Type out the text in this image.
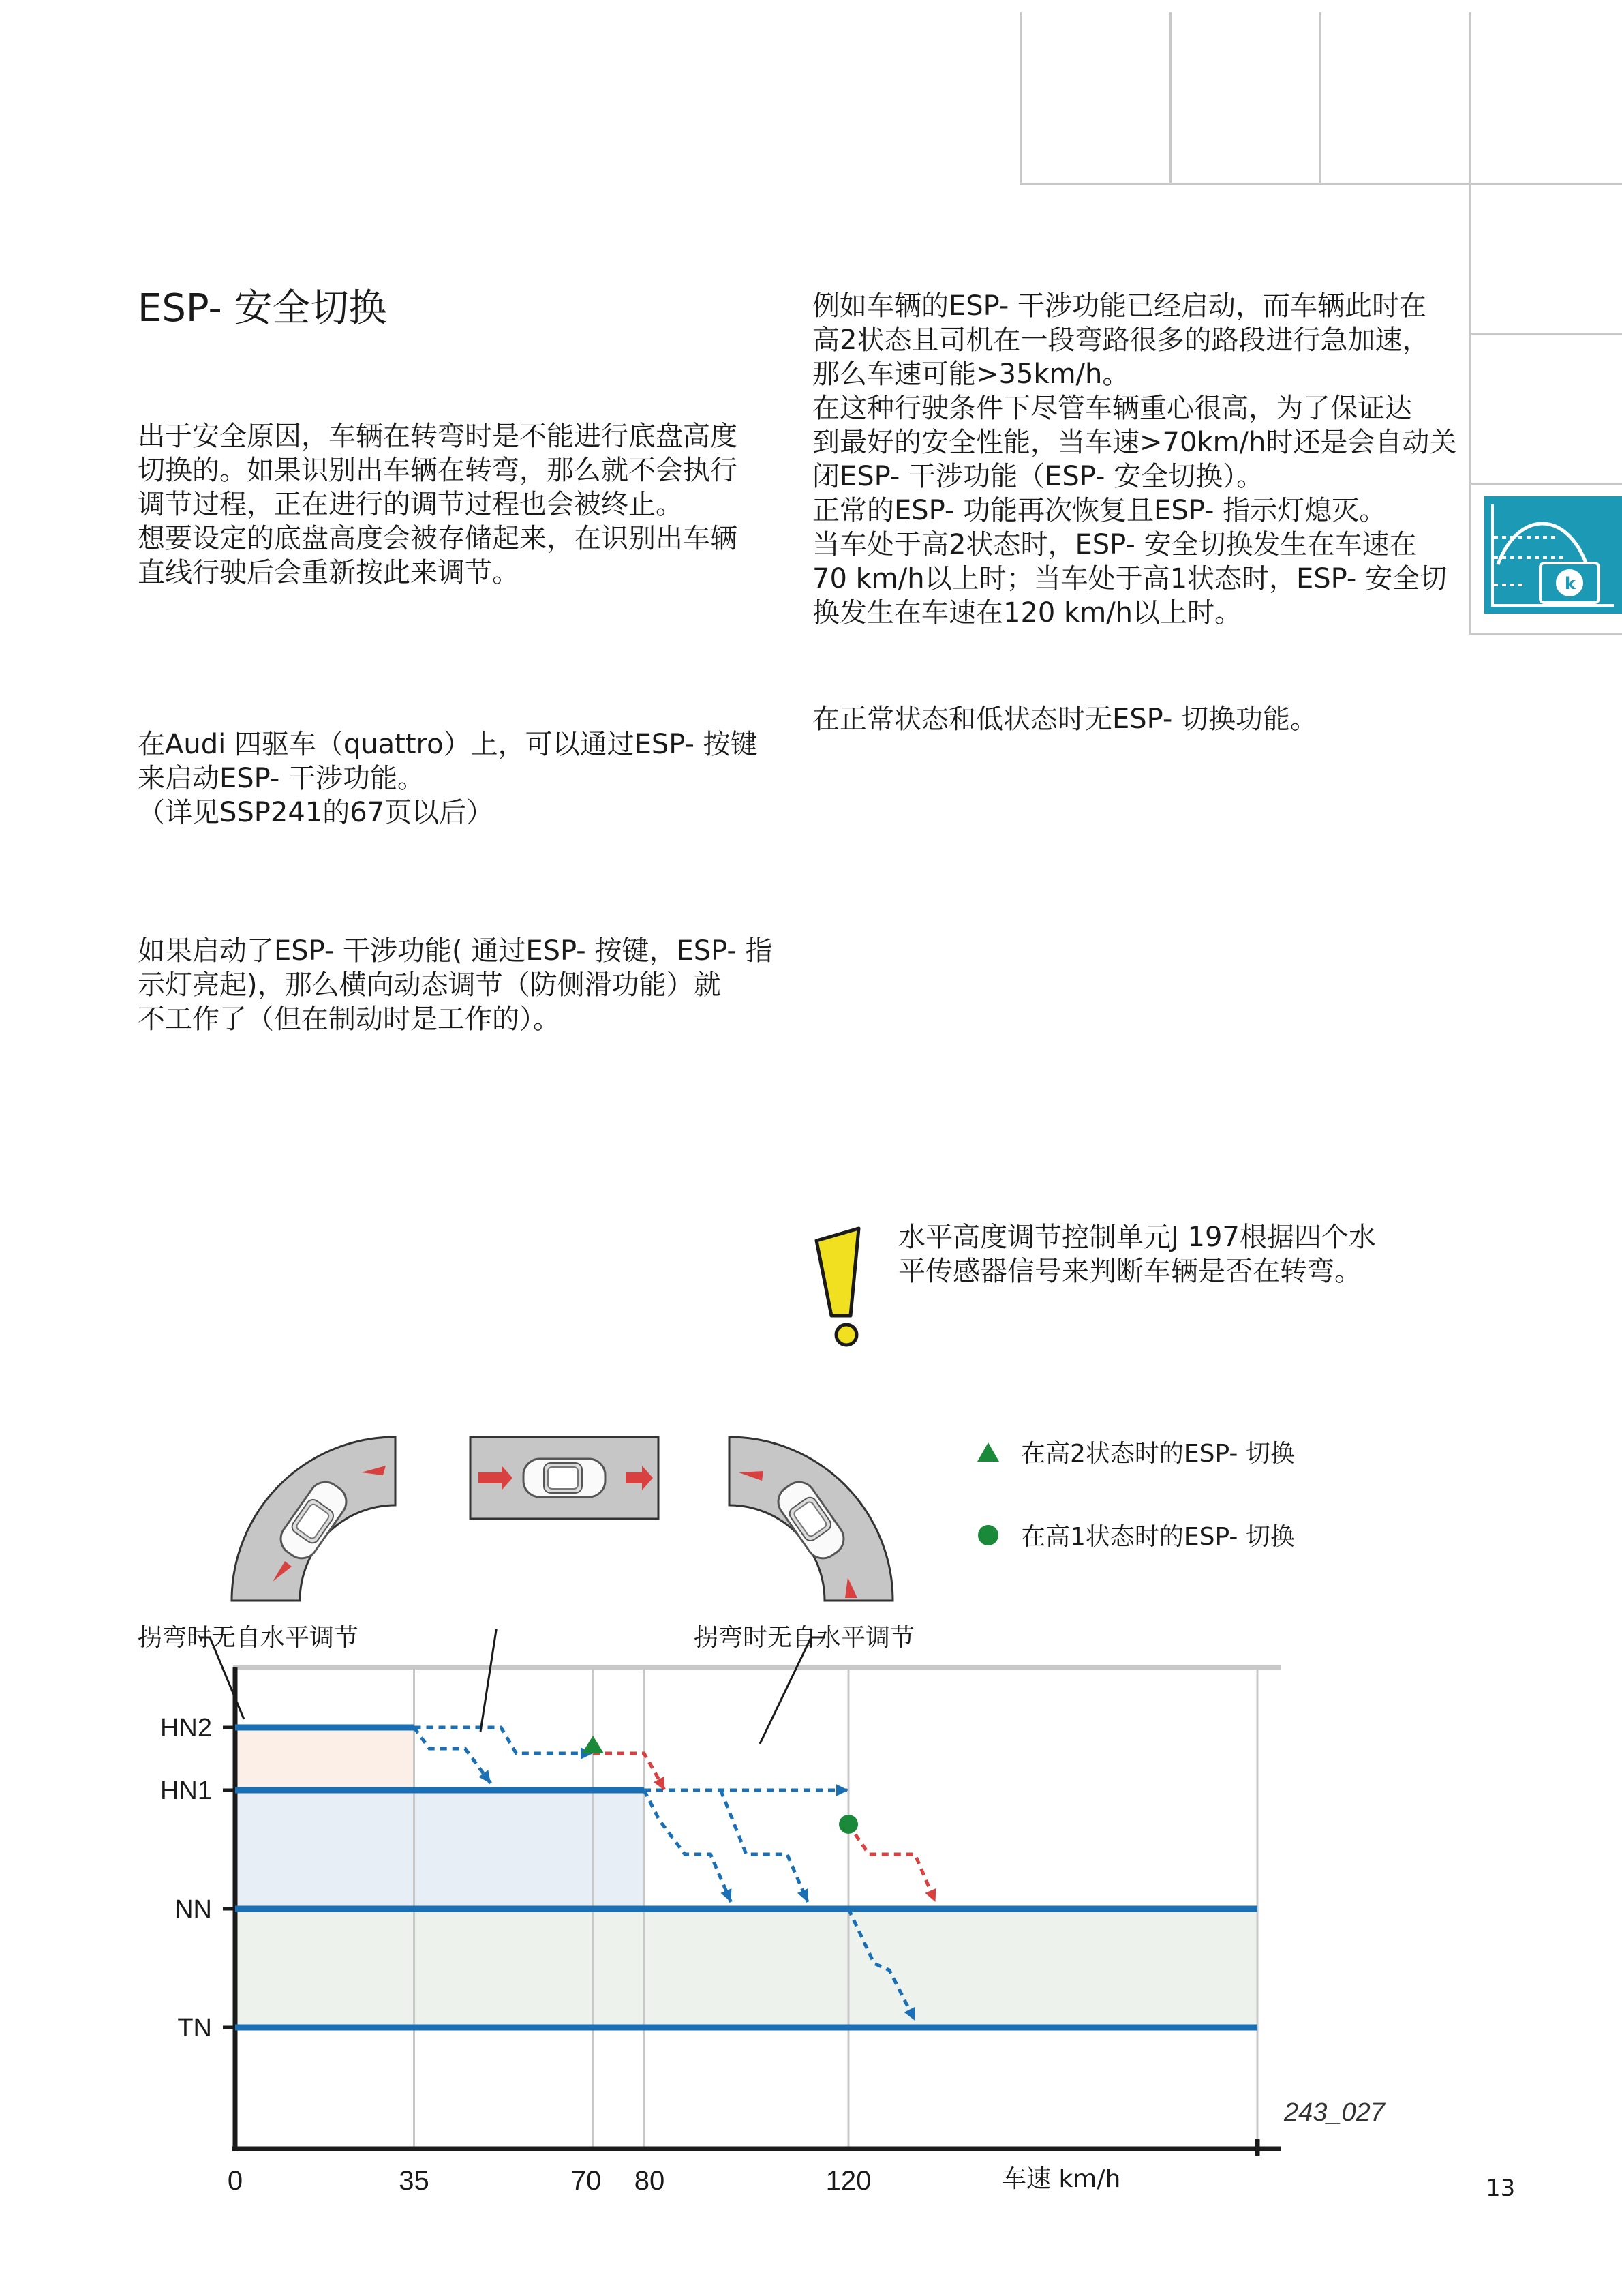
k
ESP- 安全切换
出于安全原因，车辆在转弯时是不能进行底盘高度
切换的。如果识别出车辆在转弯，那么就不会执行
调节过程，正在进行的调节过程也会被终止。
想要设定的底盘高度会被存储起来，在识别出车辆
直线行驶后会重新按此来调节。
在Audi 四驱车（quattro）上，可以通过ESP- 按键
来启动ESP- 干涉功能。
（详见SSP241的67页以后）
如果启动了ESP- 干涉功能( 通过ESP- 按键，ESP- 指
示灯亮起)，那么横向动态调节（防侧滑功能）就
不工作了（但在制动时是工作的）。
例如车辆的ESP- 干涉功能已经启动，而车辆此时在
高2状态且司机在一段弯路很多的路段进行急加速，
那么车速可能>35km/h。
在这种行驶条件下尽管车辆重心很高，为了保证达
到最好的安全性能，当车速>70km/h时还是会自动关
闭ESP- 干涉功能（ESP- 安全切换）。
正常的ESP- 功能再次恢复且ESP- 指示灯熄灭。
当车处于高2状态时，ESP- 安全切换发生在车速在
70 km/h以上时；当车处于高1状态时，ESP- 安全切
换发生在车速在120 km/h以上时。
在正常状态和低状态时无ESP- 切换功能。
水平高度调节控制单元J 197根据四个水
平传感器信号来判断车辆是否在转弯。
在高2状态时的ESP- 切换
在高1状态时的ESP- 切换
拐弯时无自水平调节	拐弯时无自水平调节
TN
NN
HN1
HN2
0	35	70 80	120	车速 km/h
243_027
13
